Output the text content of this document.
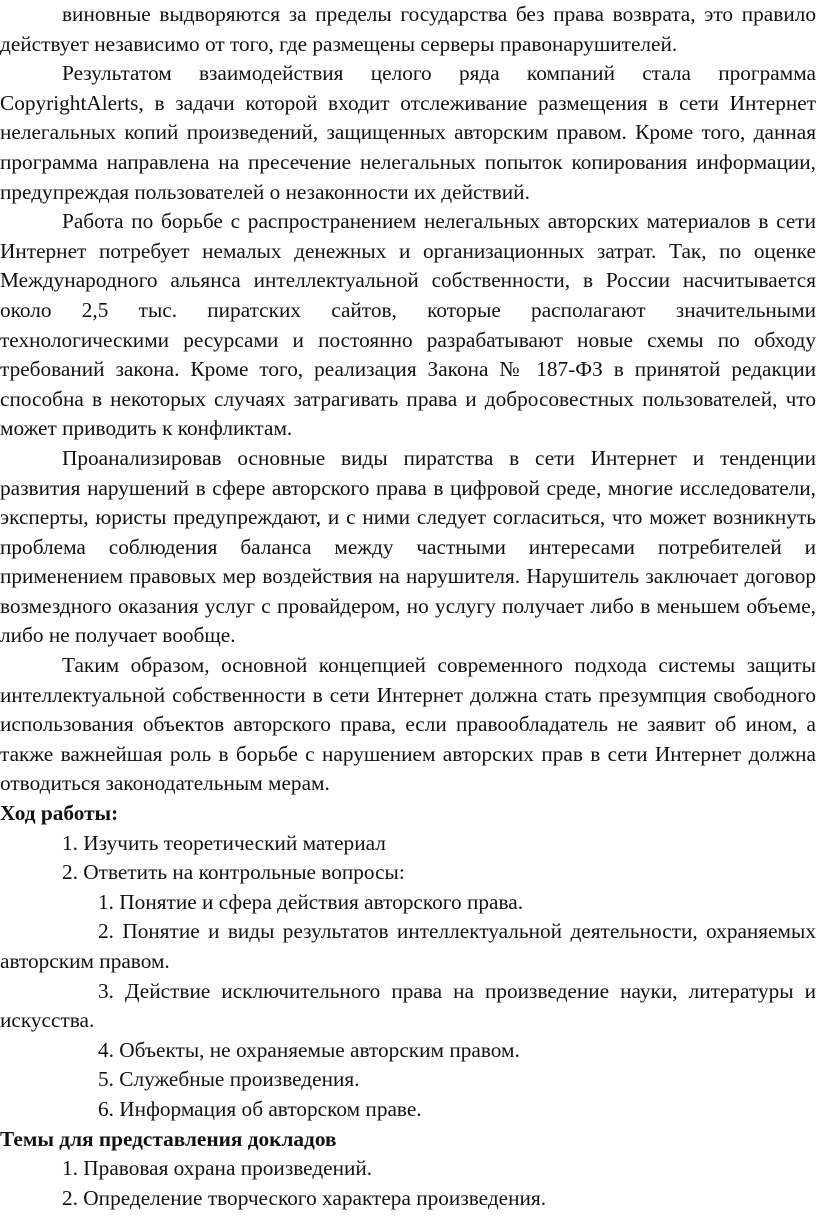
виновные выдворяются за пределы государства без права возврата, это правило действует независимо от того, где размещены серверы правонарушителей.

Результатом взаимодействия целого ряда компаний стала программа CopyrightAlerts, в задачи которой входит отслеживание размещения в сети Интернет нелегальных копий произведений, защищенных авторским правом. Кроме того, данная программа направлена на пресечение нелегальных попыток копирования информации, предупреждая пользователей о незаконности их действий.

Работа по борьбе с распространением нелегальных авторских материалов в сети Интернет потребует немалых денежных и организационных затрат. Так, по оценке Международного альянса интеллектуальной собственности, в России насчитывается около 2,5 тыс. пиратских сайтов, которые располагают значительными технологическими ресурсами и постоянно разрабатывают новые схемы по обходу требований закона. Кроме того, реализация Закона № 187-ФЗ в принятой редакции способна в некоторых случаях затрагивать права и добросовестных пользователей, что может приводить к конфликтам.

Проанализировав основные виды пиратства в сети Интернет и тенденции развития нарушений в сфере авторского права в цифровой среде, многие исследователи, эксперты, юристы предупреждают, и с ними следует согласиться, что может возникнуть проблема соблюдения баланса между частными интересами потребителей и применением правовых мер воздействия на нарушителя. Нарушитель заключает договор возмездного оказания услуг с провайдером, но услугу получает либо в меньшем объеме, либо не получает вообще.

Таким образом, основной концепцией современного подхода системы защиты интеллектуальной собственности в сети Интернет должна стать презумпция свободного использования объектов авторского права, если правообладатель не заявит об ином, а также важнейшая роль в борьбе с нарушением авторских прав в сети Интернет должна отводиться законодательным мерам.

Ход работы:

1. Изучить теоретический материал

2. Ответить на контрольные вопросы:

1. Понятие и сфера действия авторского права.

2. Понятие и виды результатов интеллектуальной деятельности, охраняемых авторским правом.

3. Действие исключительного права на произведение науки, литературы и искусства.

4. Объекты, не охраняемые авторским правом.

5. Служебные произведения.

6. Информация об авторском праве.

Темы для представления докладов

1. Правовая охрана произведений.

2. Определение творческого характера произведения.
